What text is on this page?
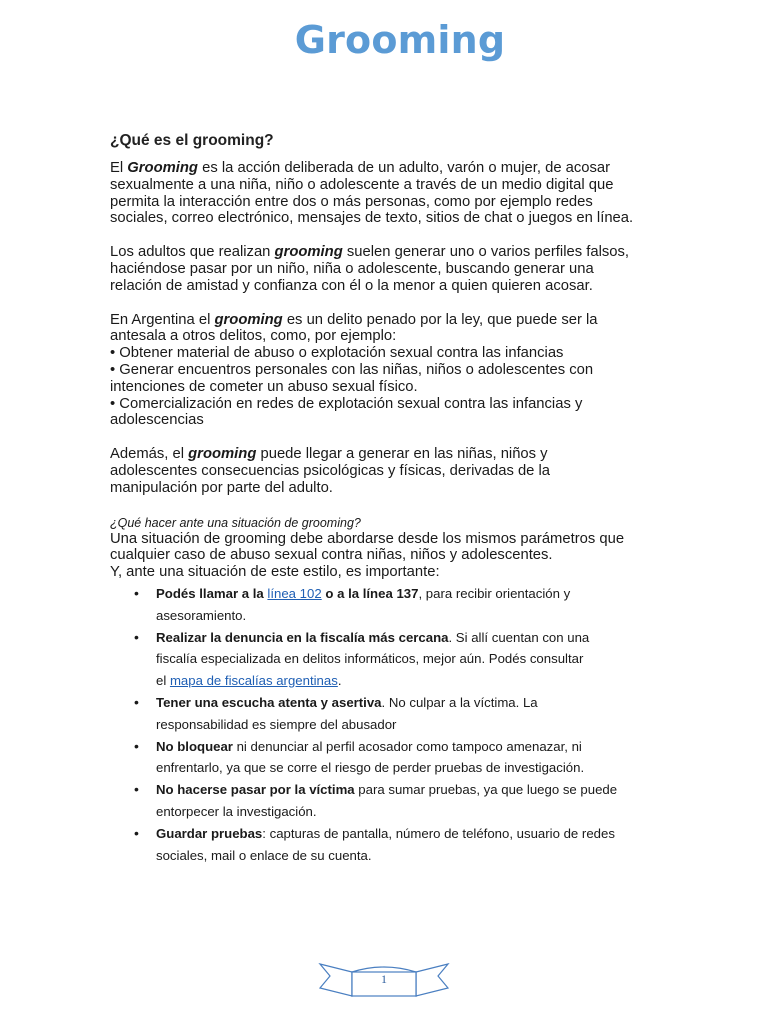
Grooming
¿Qué es el grooming?

El Grooming es la acción deliberada de un adulto, varón o mujer, de acosar
sexualmente a una niña, niño o adolescente a través de un medio digital que
permita la interacción entre dos o más personas, como por ejemplo redes
sociales, correo electrónico, mensajes de texto, sitios de chat o juegos en línea.

Los adultos que realizan grooming suelen generar uno o varios perfiles falsos,
haciéndose pasar por un niño, niña o adolescente, buscando generar una
relación de amistad y confianza con él o la menor a quien quieren acosar.

En Argentina el grooming es un delito penado por la ley, que puede ser la
antesala a otros delitos, como, por ejemplo:
• Obtener material de abuso o explotación sexual contra las infancias
• Generar encuentros personales con las niñas, niños o adolescentes con
intenciones de cometer un abuso sexual físico.
• Comercialización en redes de explotación sexual contra las infancias y
adolescencias

Además, el grooming puede llegar a generar en las niñas, niños y
adolescentes consecuencias psicológicas y físicas, derivadas de la
manipulación por parte del adulto.

¿Qué hacer ante una situación de grooming?

Una situación de grooming debe abordarse desde los mismos parámetros que
cualquier caso de abuso sexual contra niñas, niños y adolescentes.
Y, ante una situación de este estilo, es importante:

• Podés llamar a la línea 102 o a la línea 137, para recibir orientación y
asesoramiento.
• Realizar la denuncia en la fiscalía más cercana. Si allí cuentan con una
fiscalía especializada en delitos informáticos, mejor aún. Podés consultar
el mapa de fiscalías argentinas.
• Tener una escucha atenta y asertiva. No culpar a la víctima. La
responsabilidad es siempre del abusador
• No bloquear ni denunciar al perfil acosador como tampoco amenazar, ni
enfrentarlo, ya que se corre el riesgo de perder pruebas de investigación.
• No hacerse pasar por la víctima para sumar pruebas, ya que luego se puede
entorpecer la investigación.
• Guardar pruebas: capturas de pantalla, número de teléfono, usuario de redes
sociales, mail o enlace de su cuenta.
1
